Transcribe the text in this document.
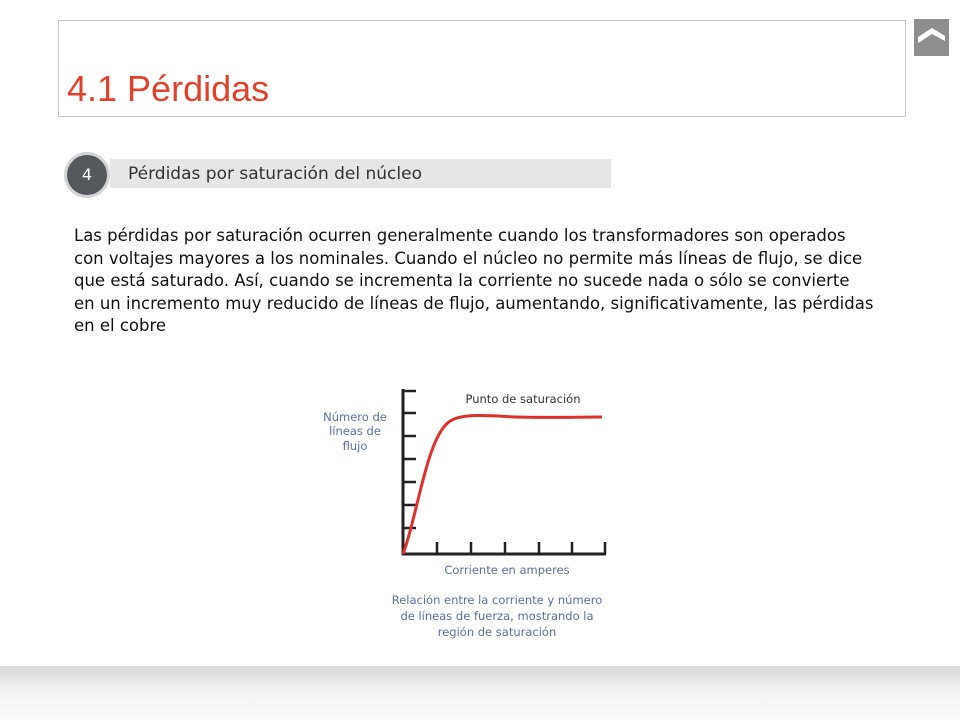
4.1 Pérdidas
Pérdidas por saturación del núcleo
4
Las pérdidas por saturación ocurren generalmente cuando los transformadores son operados con voltajes mayores a los nominales. Cuando el núcleo no permite más líneas de flujo, se dice que está saturado. Así, cuando se incrementa la corriente no sucede nada o sólo se convierte en un incremento muy reducido de líneas de flujo, aumentando, significativamente, las pérdidas en el cobre
Número de
líneas de
flujo
Punto de saturación
Corriente en amperes
Relación entre la corriente y número
de líneas de fuerza, mostrando la
región de saturación
